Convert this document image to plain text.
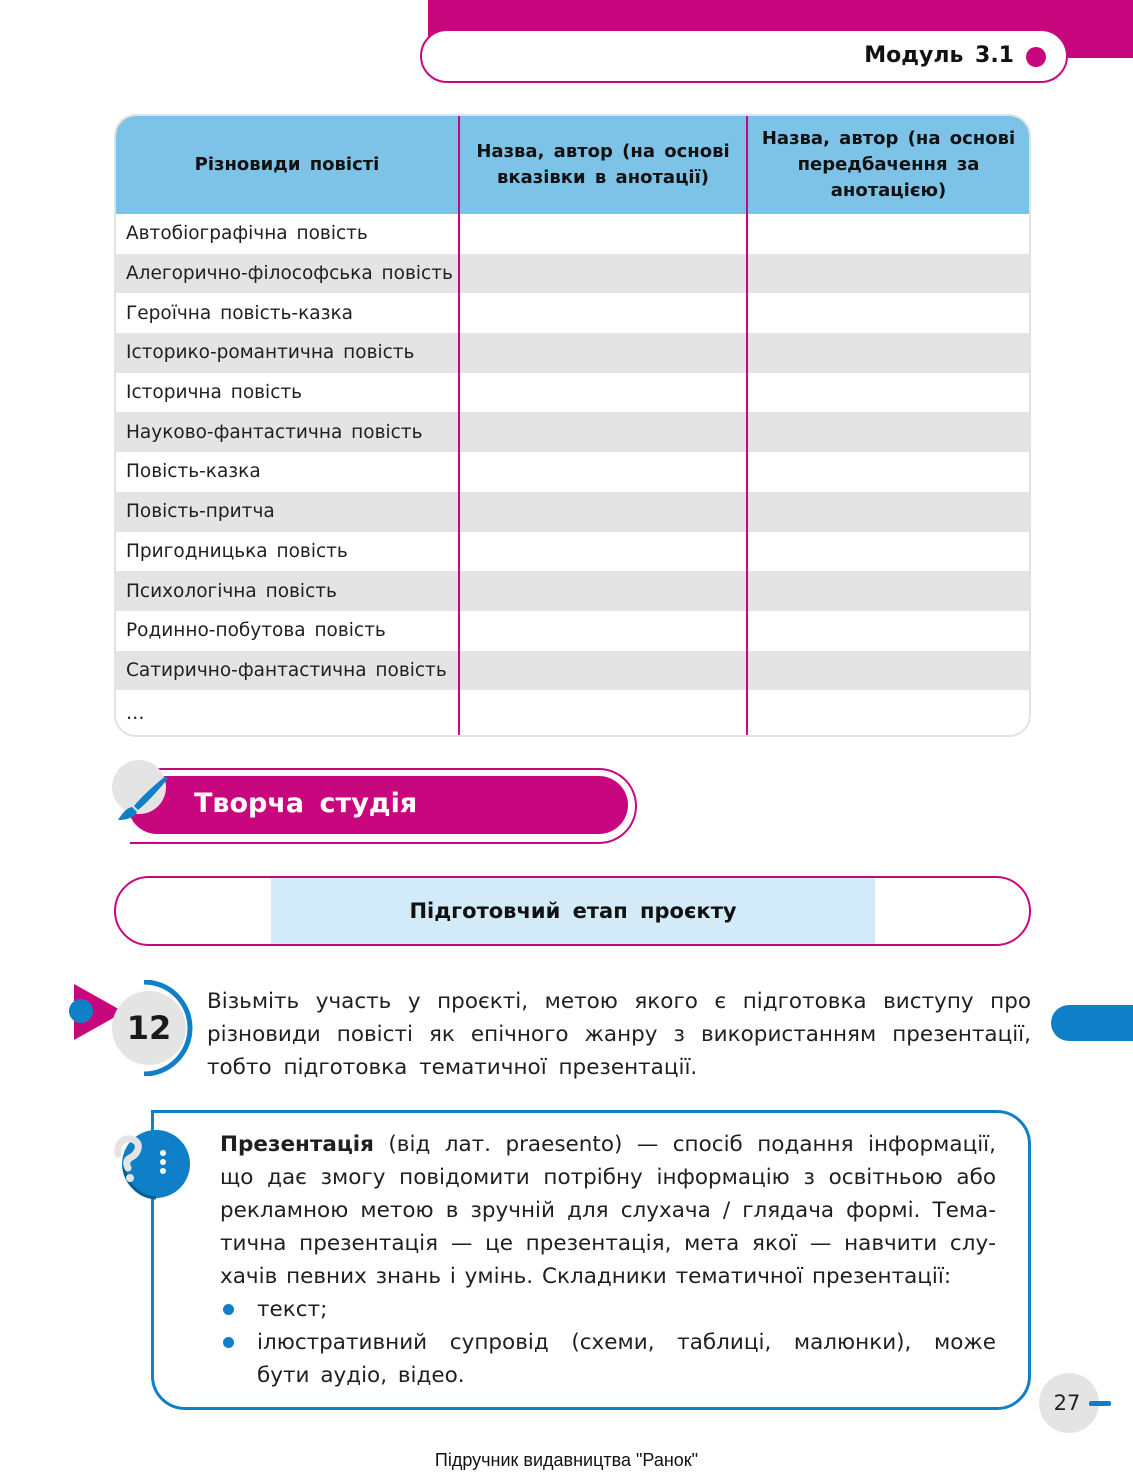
Модуль 3.1
Різновиди повісті	Назва, автор (на основі вказівки в анотації)	Назва, автор (на основі передбачення за анотацією)
Автобіографічна повість		
Алегорично-філософська повість		
Героїчна повість-казка		
Історико-романтична повість		
Історична повість		
Науково-фантастична повість		
Повість-казка		
Повість-притча		
Пригодницька повість		
Психологічна повість		
Родинно-побутова повість		
Сатирично-фантастична повість		
…		
Творча студія
Підготовчий етап проєкту
12

Візьміть участь у проєкті, метою якого є підготовка виступу про різновиди повісті як епічного жанру з використанням презентації, тобто підготовка тематичної презентації.

Презентація (від лат. praesento) — спосіб подання інформації, що дає змогу повідомити потрібну інформацію з освітньою або рекламною метою в зручній для слухача / глядача формі. Тематична презентація — це презентація, мета якої — навчити слухачів певних знань і умінь. Складники тематичної презентації:

текст;
ілюстративний супровід (схеми, таблиці, малюнки), може бути аудіо, відео.
27
Підручник видавництва "Ранок"
